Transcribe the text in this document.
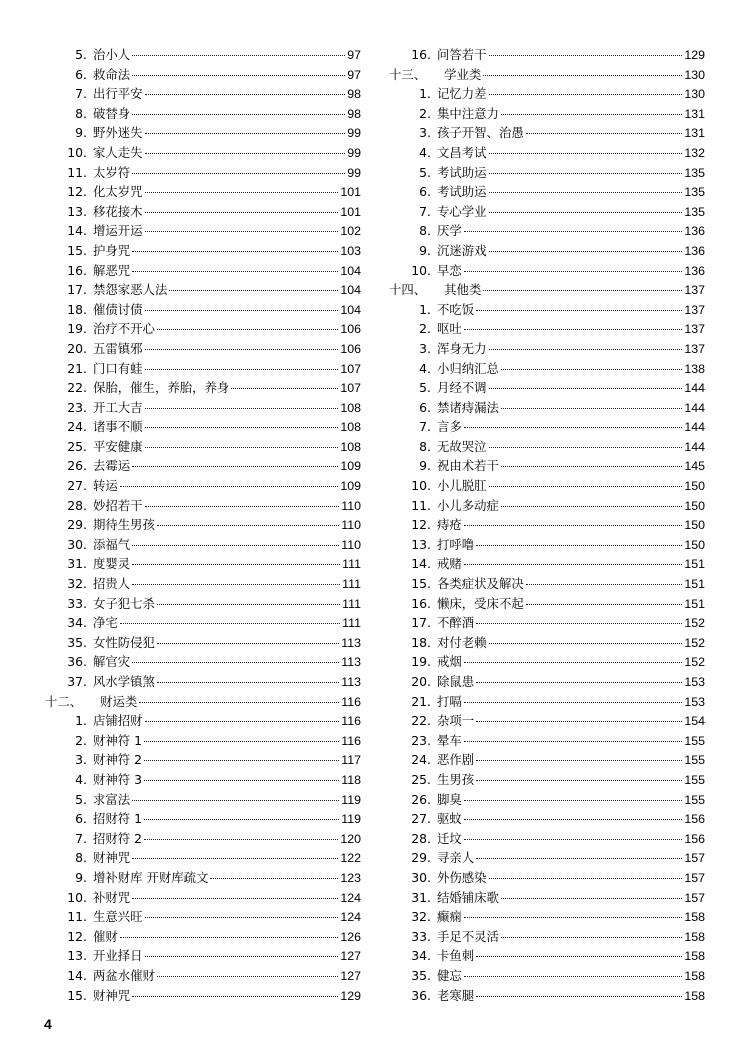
5. 治小人	97
6. 救命法	97
7. 出行平安	98
8. 破替身	98
9. 野外迷失	99
10. 家人走失	99
11. 太岁符	99
12. 化太岁咒	101
13. 移花接木	101
14. 增运开运	102
15. 护身咒	103
16. 解恶咒	104
17. 禁怨家恶人法	104
18. 催债讨债	104
19. 治疗不开心	106
20. 五雷镇邪	106
21. 门口有蛙	107
22. 保胎，催生，养胎，养身	107
23. 开工大吉	108
24. 诸事不顺	108
25. 平安健康	108
26. 去霉运	109
27. 转运	109
28. 妙招若干	110
29. 期待生男孩	110
30. 添福气	110
31. 度婴灵	111
32. 招贵人	111
33. 女子犯七杀	111
34. 净宅	111
35. 女性防侵犯	113
36. 解官灾	113
37. 风水学镇煞	113
十二、 财运类	116
1. 店铺招财	116
2. 财神符 1	116
3. 财神符 2	117
4. 财神符 3	118
5. 求富法	119
6. 招财符 1	119
7. 招财符 2	120
8. 财神咒	122
9. 增补财库 开财库疏文	123
10. 补财咒	124
11. 生意兴旺	124
12. 催财	126
13. 开业择日	127
14. 两盆水催财	127
15. 财神咒	129
16. 问答若干	129
十三、 学业类	130
1. 记忆力差	130
2. 集中注意力	131
3. 孩子开智、治愚	131
4. 文昌考试	132
5. 考试助运	135
6. 考试助运	135
7. 专心学业	135
8. 厌学	136
9. 沉迷游戏	136
10. 早恋	136
十四、 其他类	137
1. 不吃饭	137
2. 呕吐	137
3. 浑身无力	137
4. 小归纳汇总	138
5. 月经不调	144
6. 禁诸痔漏法	144
7. 言多	144
8. 无故哭泣	144
9. 祝由术若干	145
10. 小儿脱肛	150
11. 小儿多动症	150
12. 痔疮	150
13. 打呼噜	150
14. 戒赌	151
15. 各类症状及解决	151
16. 懒床，受床不起	151
17. 不醉酒	152
18. 对付老赖	152
19. 戒烟	152
20. 除鼠患	153
21. 打嗝	153
22. 杂项一	154
23. 晕车	155
24. 恶作剧	155
25. 生男孩	155
26. 脚臭	155
27. 驱蚊	156
28. 迁坟	156
29. 寻亲人	157
30. 外伤感染	157
31. 结婚铺床歌	157
32. 癫痫	158
33. 手足不灵活	158
34. 卡鱼刺	158
35. 健忘	158
36. 老寒腿	158
4
